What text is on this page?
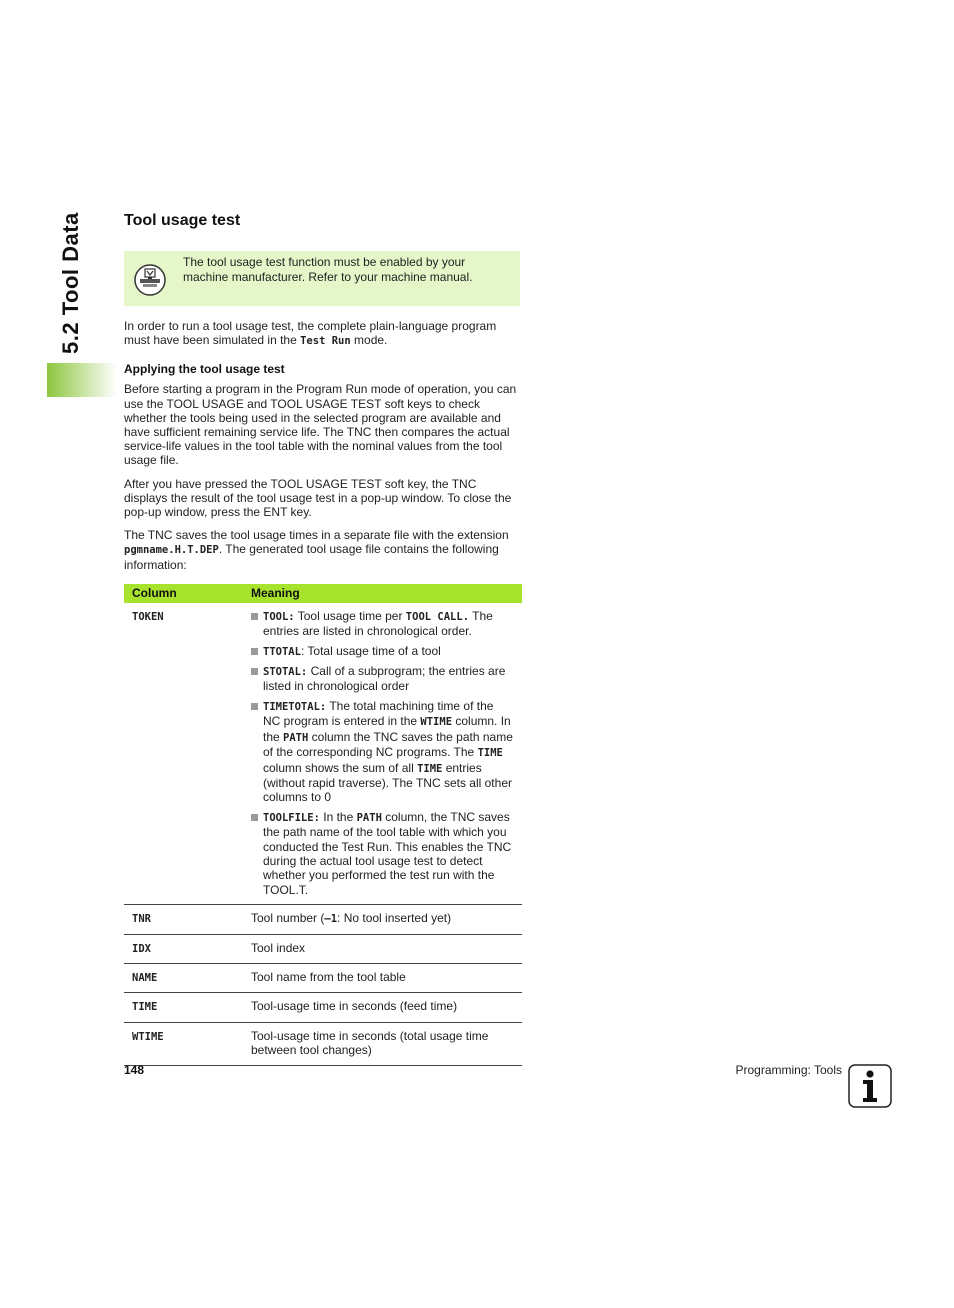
5.2 Tool Data	Tool usage test
The tool usage test function must be enabled by your machine manufacturer. Refer to your machine manual.

In order to run a tool usage test, the complete plain-language program must have been simulated in the Test Run mode.

Applying the tool usage test

Before starting a program in the Program Run mode of operation, you can use the TOOL USAGE and TOOL USAGE TEST soft keys to check whether the tools being used in the selected program are available and have sufficient remaining service life. The TNC then compares the actual service-life values in the tool table with the nominal values from the tool usage file.

After you have pressed the TOOL USAGE TEST soft key, the TNC displays the result of the tool usage test in a pop-up window. To close the pop-up window, press the ENT key.

The TNC saves the tool usage times in a separate file with the extension pgmname.H.T.DEP. The generated tool usage file contains the following information:

Column	Meaning
TOKEN	TOOL: Tool usage time per TOOL CALL. The entries are listed in chronological order.
TTOTAL: Total usage time of a tool
STOTAL: Call of a subprogram; the entries are listed in chronological order
TIMETOTAL: The total machining time of the NC program is entered in the WTIME column. In the PATH column the TNC saves the path name of the corresponding NC programs. The TIME column shows the sum of all TIME entries (without rapid traverse). The TNC sets all other columns to 0
TOOLFILE: In the PATH column, the TNC saves the path name of the tool table with which you conducted the Test Run. This enables the TNC during the actual tool usage test to detect whether you performed the test run with the TOOL.T.

TNR	Tool number (–1: No tool inserted yet)
IDX	Tool index
NAME	Tool name from the tool table
TIME	Tool-usage time in seconds (feed time)
WTIME	Tool-usage time in seconds (total usage time between tool changes)
148	Programming: Tools
